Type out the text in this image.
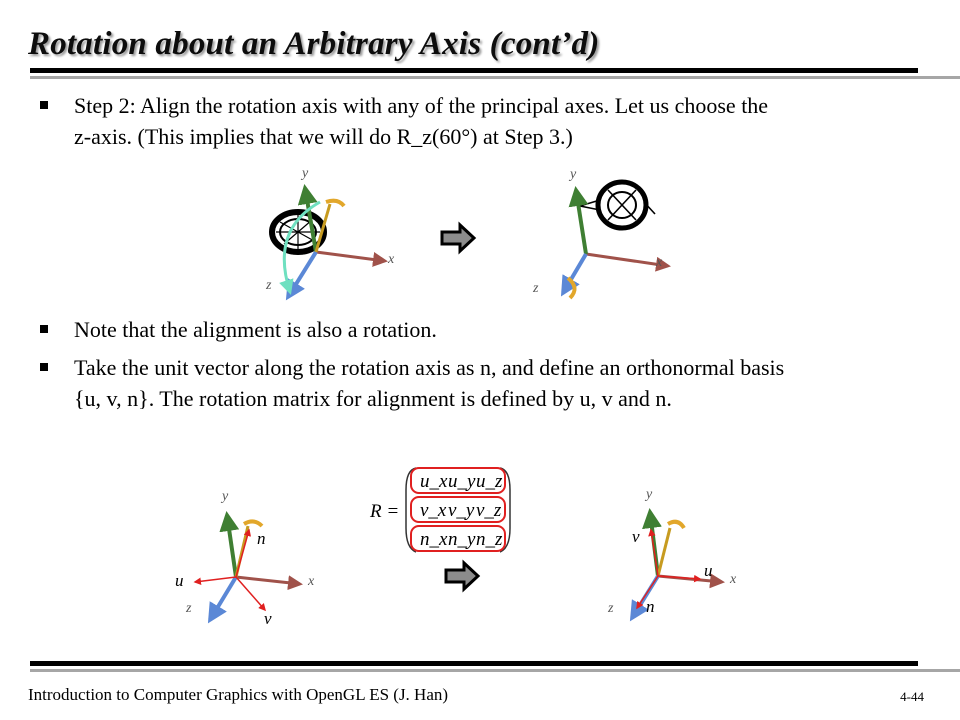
Rotation about an Arbitrary Axis (cont’d)
Step 2: Align the rotation axis with any of the principal axes. Let us choose the
z-axis. (This implies that we will do R_z(60°) at Step 3.)
x
y
z
x
y
z
Note that the alignment is also a rotation.
Take the unit vector along the rotation axis as n, and define an orthonormal basis
{u, v, n}. The rotation matrix for alignment is defined by u, v and n.
x
y
z
n
u
v
R =
u_x u_y u_z
v_x v_y v_z
n_x n_y n_z
x
y
z
v
u
n
Introduction to Computer Graphics with OpenGL ES (J. Han)	4-44
